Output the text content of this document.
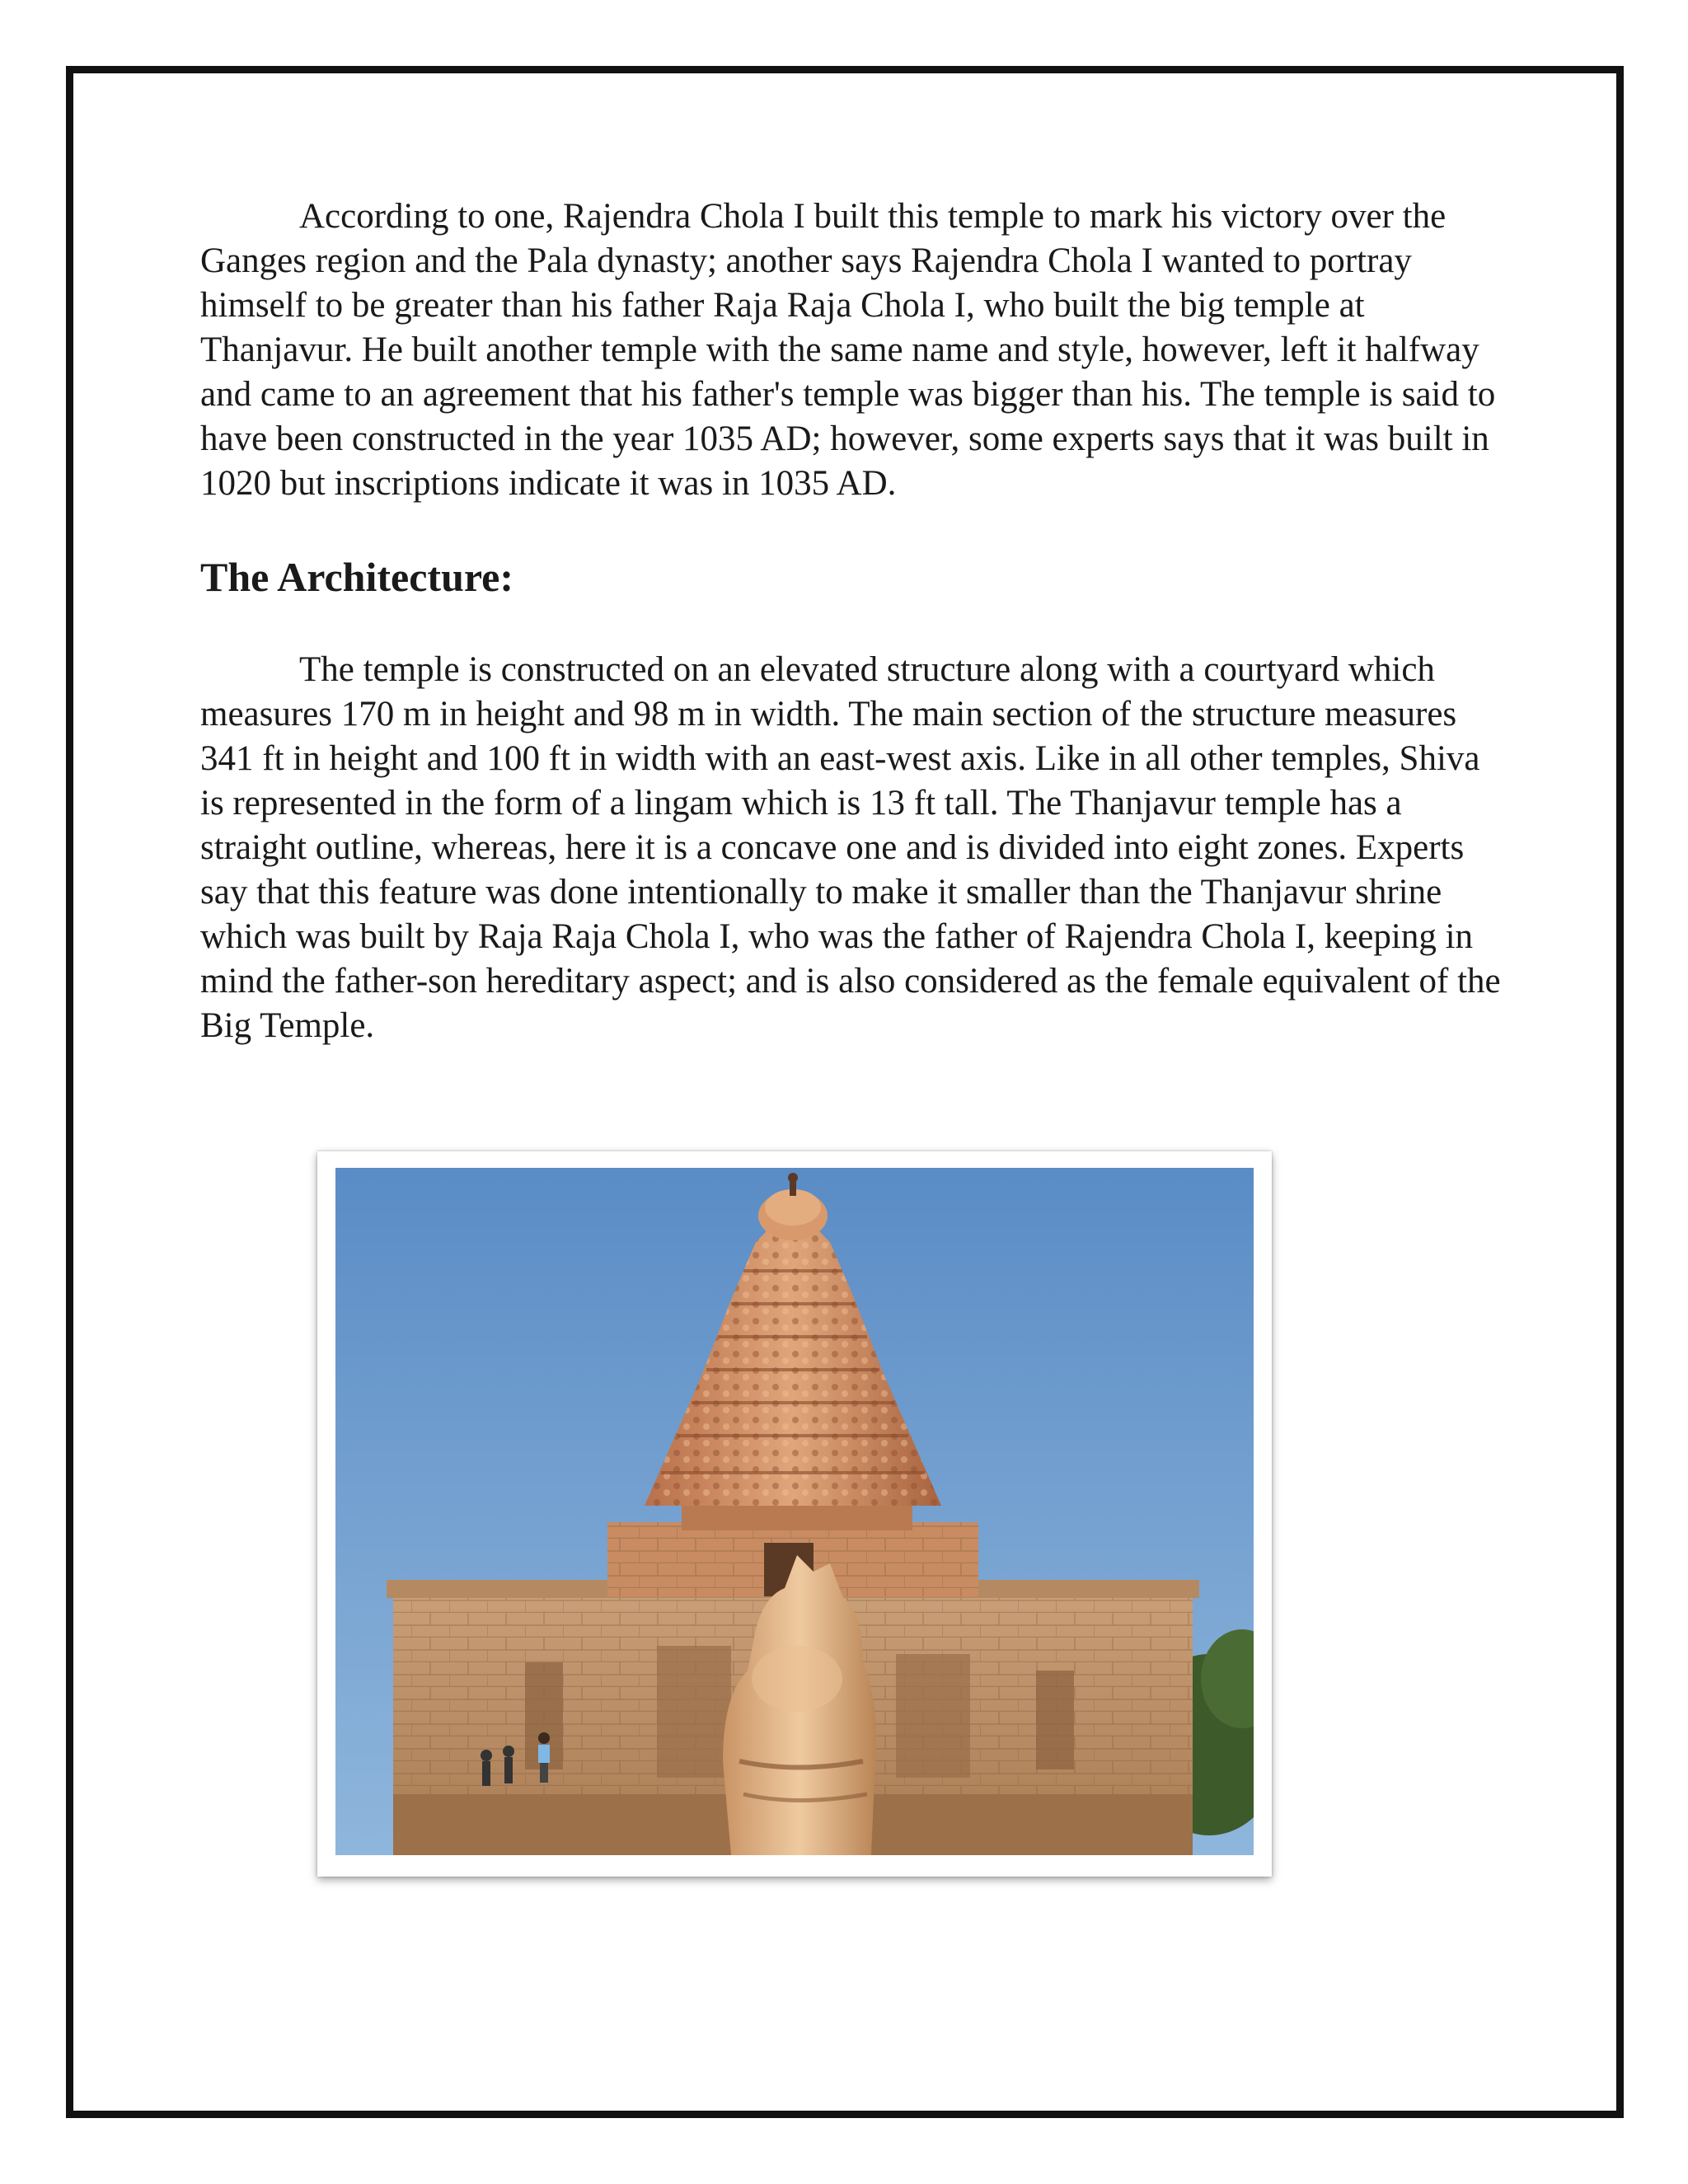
According to one, Rajendra Chola I built this temple to mark his victory over the Ganges region and the Pala dynasty; another says Rajendra Chola I wanted to portray himself to be greater than his father Raja Raja Chola I, who built the big temple at Thanjavur. He built another temple with the same name and style, however, left it halfway and came to an agreement that his father's temple was bigger than his. The temple is said to have been constructed in the year 1035 AD; however, some experts says that it was built in 1020 but inscriptions indicate it was in 1035 AD.

The Architecture:

The temple is constructed on an elevated structure along with a courtyard which measures 170 m in height and 98 m in width. The main section of the structure measures 341 ft in height and 100 ft in width with an east-west axis. Like in all other temples, Shiva is represented in the form of a lingam which is 13 ft tall. The Thanjavur temple has a straight outline, whereas, here it is a concave one and is divided into eight zones. Experts say that this feature was done intentionally to make it smaller than the Thanjavur shrine which was built by Raja Raja Chola I, who was the father of Rajendra Chola I, keeping in mind the father-son hereditary aspect; and is also considered as the female equivalent of the Big Temple.
